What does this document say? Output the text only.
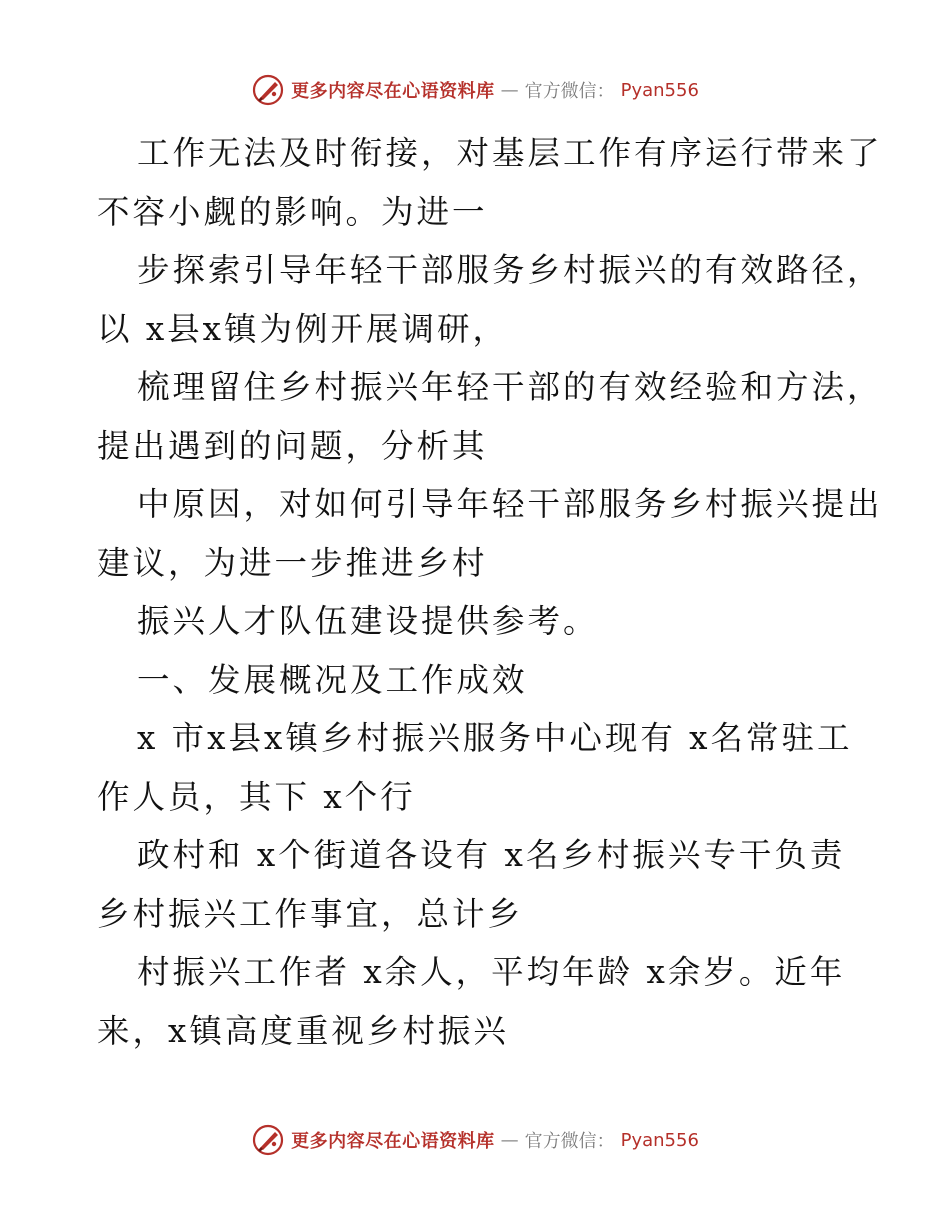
更多内容尽在心语资料库 — 官方微信： Pyan556
工作无法及时衔接，对基层工作有序运行带来了
不容小觑的影响。为进一
步探索引导年轻干部服务乡村振兴的有效路径，
以 x县x镇为例开展调研，
梳理留住乡村振兴年轻干部的有效经验和方法，
提出遇到的问题，分析其
中原因，对如何引导年轻干部服务乡村振兴提出
建议，为进一步推进乡村
振兴人才队伍建设提供参考。
一、发展概况及工作成效
x 市x县x镇乡村振兴服务中心现有 x名常驻工
作人员，其下 x个行
政村和 x个街道各设有 x名乡村振兴专干负责
乡村振兴工作事宜，总计乡
村振兴工作者 x余人，平均年龄 x余岁。近年
来，x镇高度重视乡村振兴
更多内容尽在心语资料库 — 官方微信： Pyan556
